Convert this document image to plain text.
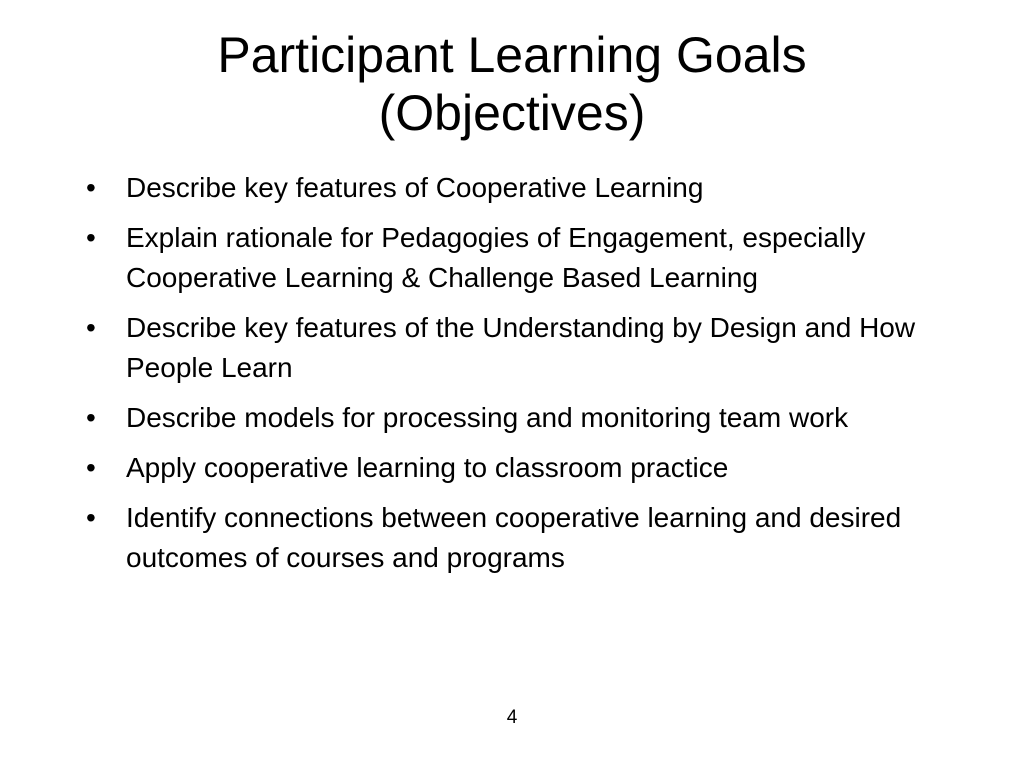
Participant Learning Goals
(Objectives)
•	Describe key features of Cooperative Learning
•	Explain rationale for Pedagogies of Engagement, especially Cooperative Learning & Challenge Based Learning
•	Describe key features of the Understanding by Design and How People Learn
•	Describe models for processing and monitoring team work
•	Apply cooperative learning to classroom practice
•	Identify connections between cooperative learning and desired outcomes of courses and programs
4
